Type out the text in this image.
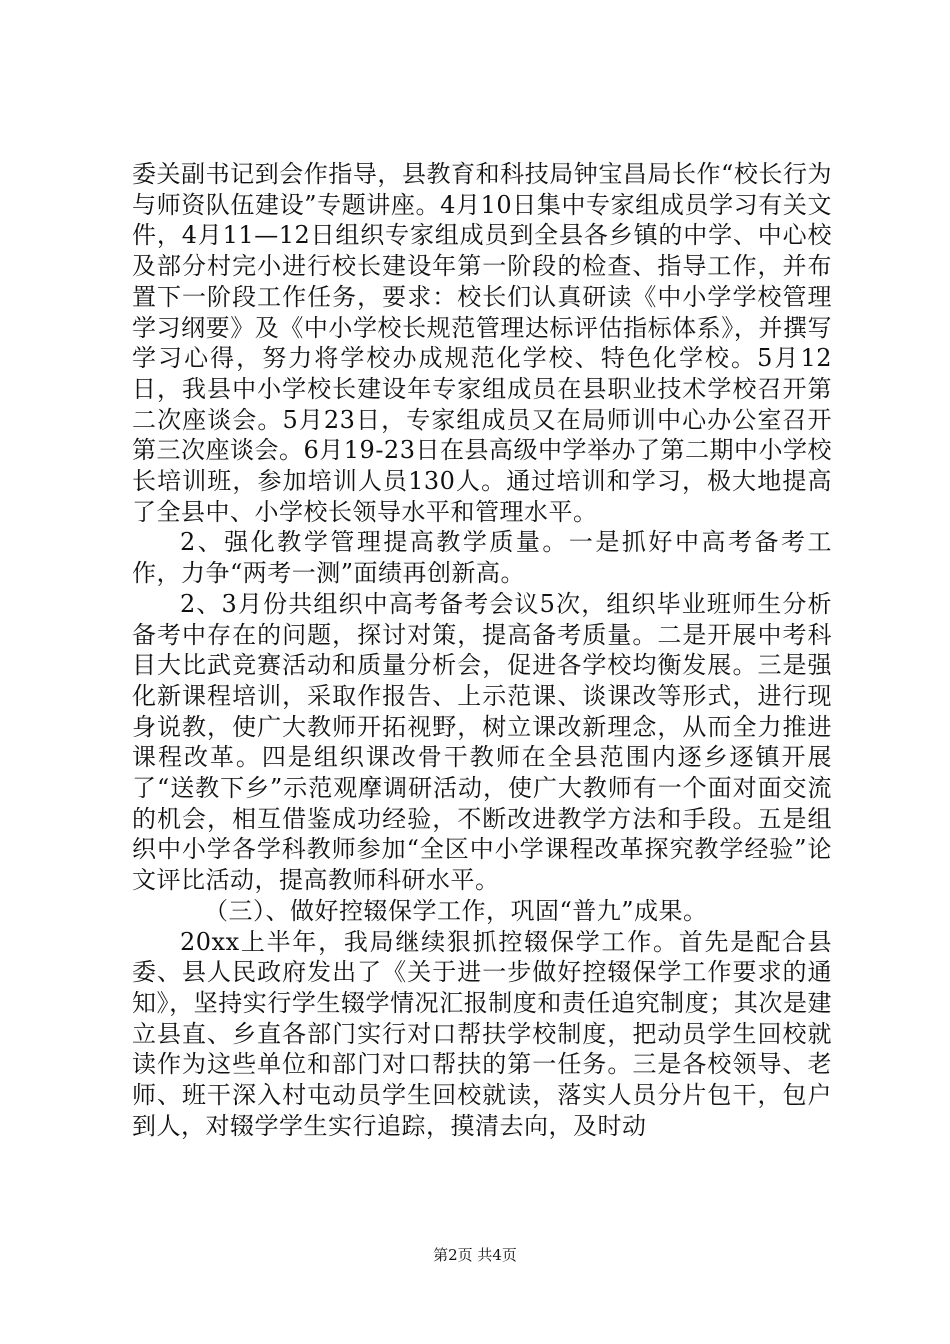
委关副书记到会作指导，县教育和科技局钟宝昌局长作“校长行为与师资队伍建设”专题讲座。4月10日集中专家组成员学习有关文件，4月11—12日组织专家组成员到全县各乡镇的中学、中心校及部分村完小进行校长建设年第一阶段的检查、指导工作，并布置下一阶段工作任务，要求：校长们认真研读《中小学学校管理学习纲要》及《中小学校长规范管理达标评估指标体系》，并撰写学习心得，努力将学校办成规范化学校、特色化学校。5月12日，我县中小学校长建设年专家组成员在县职业技术学校召开第二次座谈会。5月23日，专家组成员又在局师训中心办公室召开第三次座谈会。6月19-23日在县高级中学举办了第二期中小学校长培训班，参加培训人员130人。通过培训和学习，极大地提高了全县中、小学校长领导水平和管理水平。

2、强化教学管理提高教学质量。一是抓好中高考备考工作，力争“两考一测”面绩再创新高。

2、3月份共组织中高考备考会议5次，组织毕业班师生分析备考中存在的问题，探讨对策，提高备考质量。二是开展中考科目大比武竞赛活动和质量分析会，促进各学校均衡发展。三是强化新课程培训，采取作报告、上示范课、谈课改等形式，进行现身说教，使广大教师开拓视野，树立课改新理念，从而全力推进课程改革。四是组织课改骨干教师在全县范围内逐乡逐镇开展了“送教下乡”示范观摩调研活动，使广大教师有一个面对面交流的机会，相互借鉴成功经验，不断改进教学方法和手段。五是组织中小学各学科教师参加“全区中小学课程改革探究教学经验”论文评比活动，提高教师科研水平。

（三）、做好控辍保学工作，巩固“普九”成果。

20xx上半年，我局继续狠抓控辍保学工作。首先是配合县委、县人民政府发出了《关于进一步做好控辍保学工作要求的通知》，坚持实行学生辍学情况汇报制度和责任追究制度；其次是建立县直、乡直各部门实行对口帮扶学校制度，把动员学生回校就读作为这些单位和部门对口帮扶的第一任务。三是各校领导、老师、班干深入村屯动员学生回校就读，落实人员分片包干，包户到人，对辍学学生实行追踪，摸清去向，及时动

第2页 共4页
